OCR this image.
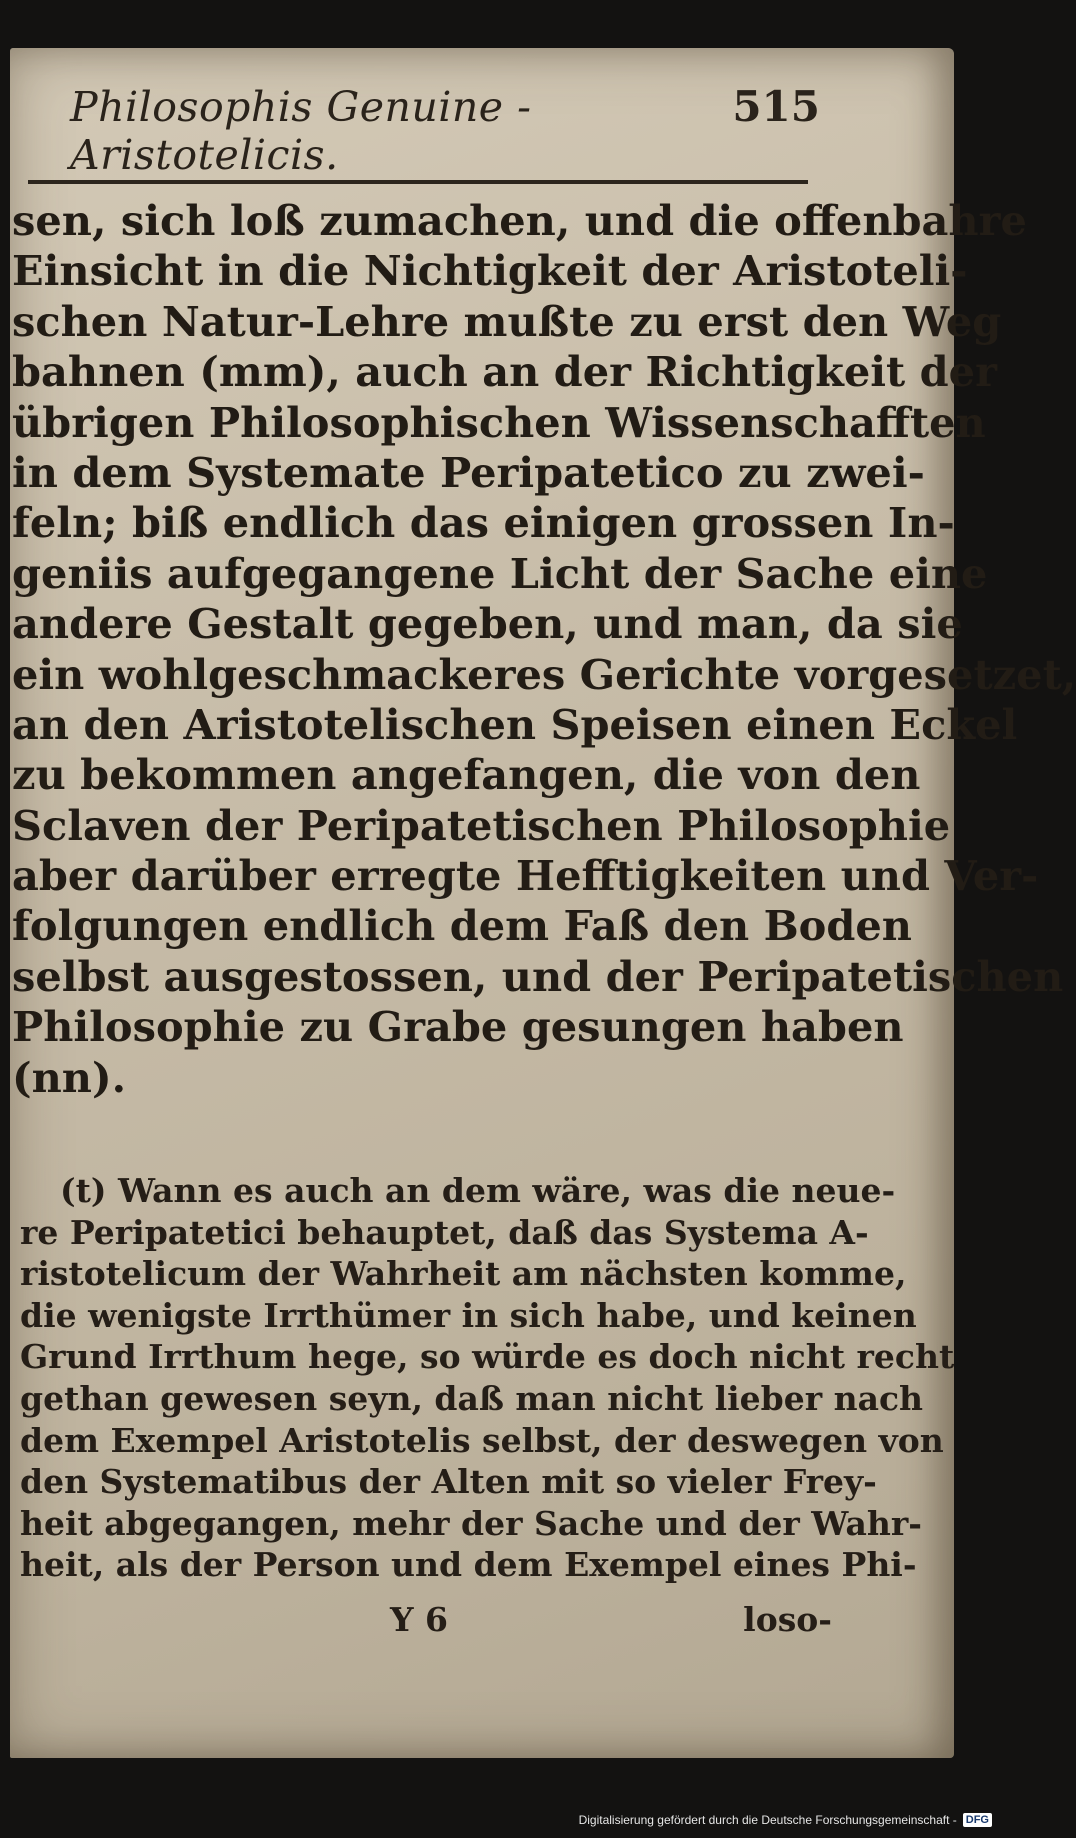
Philosophis Genuine - Aristotelicis.
515
sen, sich loß zumachen, und die offenbahre
Einsicht in die Nichtigkeit der Aristoteli-
schen Natur-Lehre mußte zu erst den Weg
bahnen (mm), auch an der Richtigkeit der
übrigen Philosophischen Wissenschafften
in dem Systemate Peripatetico zu zwei-
feln; biß endlich das einigen grossen In-
geniis aufgegangene Licht der Sache eine
andere Gestalt gegeben, und man, da sie
ein wohlgeschmackeres Gerichte vorgesetzet,
an den Aristotelischen Speisen einen Eckel
zu bekommen angefangen, die von den
Sclaven der Peripatetischen Philosophie
aber darüber erregte Hefftigkeiten und Ver-
folgungen endlich dem Faß den Boden
selbst ausgestossen, und der Peripatetischen
Philosophie zu Grabe gesungen haben
(nn).
(t) Wann es auch an dem wäre, was die neue-
re Peripatetici behauptet, daß das Systema A-
ristotelicum der Wahrheit am nächsten komme,
die wenigste Irrthümer in sich habe, und keinen
Grund Irrthum hege, so würde es doch nicht recht
gethan gewesen seyn, daß man nicht lieber nach
dem Exempel Aristotelis selbst, der deswegen von
den Systematibus der Alten mit so vieler Frey-
heit abgegangen, mehr der Sache und der Wahr-
heit, als der Person und dem Exempel eines Phi-
Y 6	loso-
Digitalisierung gefördert durch die Deutsche Forschungsgemeinschaft - DFG
